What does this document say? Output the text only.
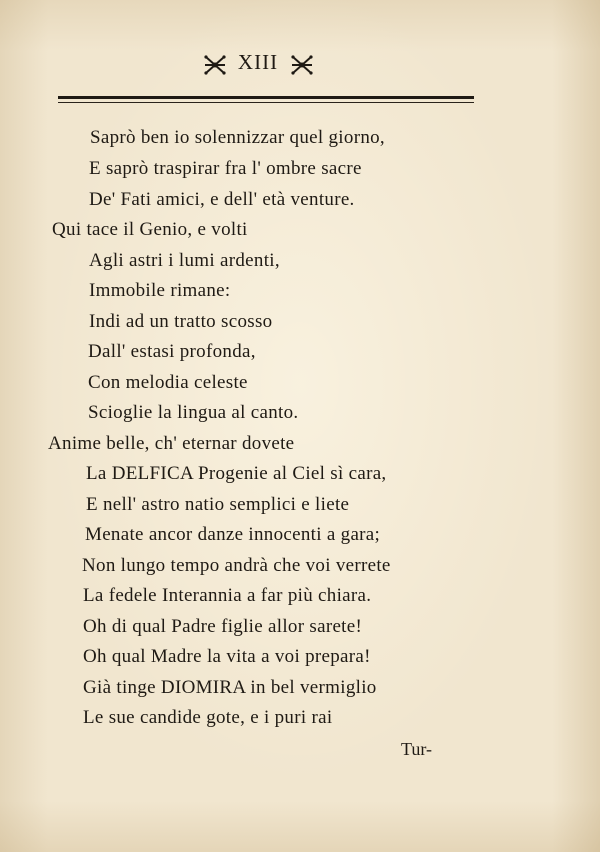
XIII
Saprò ben io solennizzar quel giorno,
E saprò traspirar fra l' ombre sacre
De' Fati amici, e dell' età venture.
Qui tace il Genio, e volti
Agli astri i lumi ardenti,
Immobile rimane:
Indi ad un tratto scosso
Dall' estasi profonda,
Con melodia celeste
Scioglie la lingua al canto.
Anime belle, ch' eternar dovete
La DELFICA Progenie al Ciel sì cara,
E nell' astro natio semplici e liete
Menate ancor danze innocenti a gara;
Non lungo tempo andrà che voi verrete
La fedele Interannia a far più chiara.
Oh di qual Padre figlie allor sarete!
Oh qual Madre la vita a voi prepara!
Già tinge DIOMIRA in bel vermiglio
Le sue candide gote, e i puri rai
Tur-
